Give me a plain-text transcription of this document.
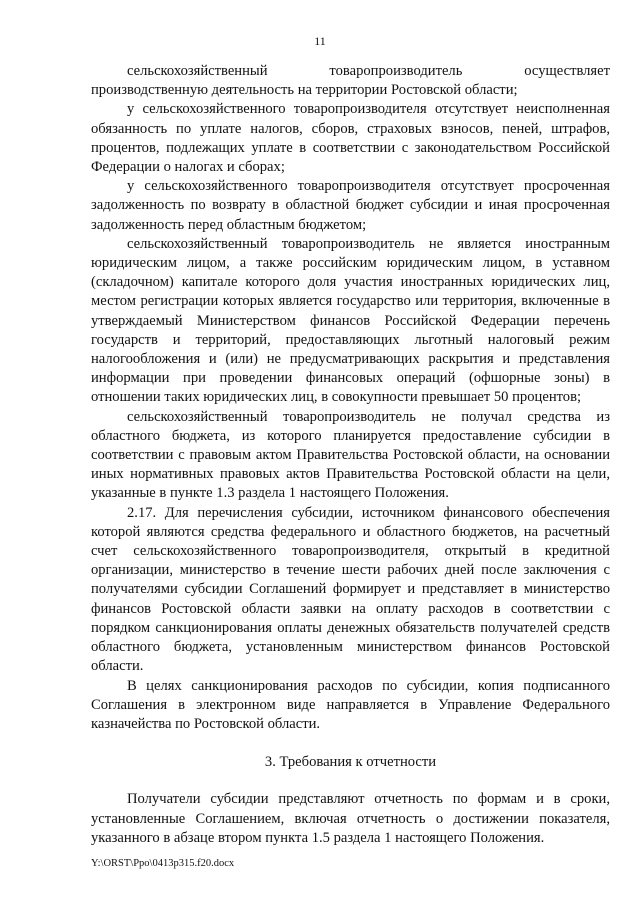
11

сельскохозяйственный товаропроизводитель осуществляет производственную деятельность на территории Ростовской области;

у сельскохозяйственного товаропроизводителя отсутствует неисполненная обязанность по уплате налогов, сборов, страховых взносов, пеней, штрафов, процентов, подлежащих уплате в соответствии с законодательством Российской Федерации о налогах и сборах;

у сельскохозяйственного товаропроизводителя отсутствует просроченная задолженность по возврату в областной бюджет субсидии и иная просроченная задолженность перед областным бюджетом;

сельскохозяйственный товаропроизводитель не является иностранным юридическим лицом, а также российским юридическим лицом, в уставном (складочном) капитале которого доля участия иностранных юридических лиц, местом регистрации которых является государство или территория, включенные в утверждаемый Министерством финансов Российской Федерации перечень государств и территорий, предоставляющих льготный налоговый режим налогообложения и (или) не предусматривающих раскрытия и представления информации при проведении финансовых операций (офшорные зоны) в отношении таких юридических лиц, в совокупности превышает 50 процентов;

сельскохозяйственный товаропроизводитель не получал средства из областного бюджета, из которого планируется предоставление субсидии в соответствии с правовым актом Правительства Ростовской области, на основании иных нормативных правовых актов Правительства Ростовской области на цели, указанные в пункте 1.3 раздела 1 настоящего Положения.

2.17. Для перечисления субсидии, источником финансового обеспечения которой являются средства федерального и областного бюджетов, на расчетный счет сельскохозяйственного товаропроизводителя, открытый в кредитной организации, министерство в течение шести рабочих дней после заключения с получателями субсидии Соглашений формирует и представляет в министерство финансов Ростовской области заявки на оплату расходов в соответствии с порядком санкционирования оплаты денежных обязательств получателей средств областного бюджета, установленным министерством финансов Ростовской области.

В целях санкционирования расходов по субсидии, копия подписанного Соглашения в электронном виде направляется в Управление Федерального казначейства по Ростовской области.

3. Требования к отчетности

Получатели субсидии представляют отчетность по формам и в сроки, установленные Соглашением, включая отчетность о достижении показателя, указанного в абзаце втором пункта 1.5 раздела 1 настоящего Положения.

Y:\ORST\Ppo\0413p315.f20.docx
